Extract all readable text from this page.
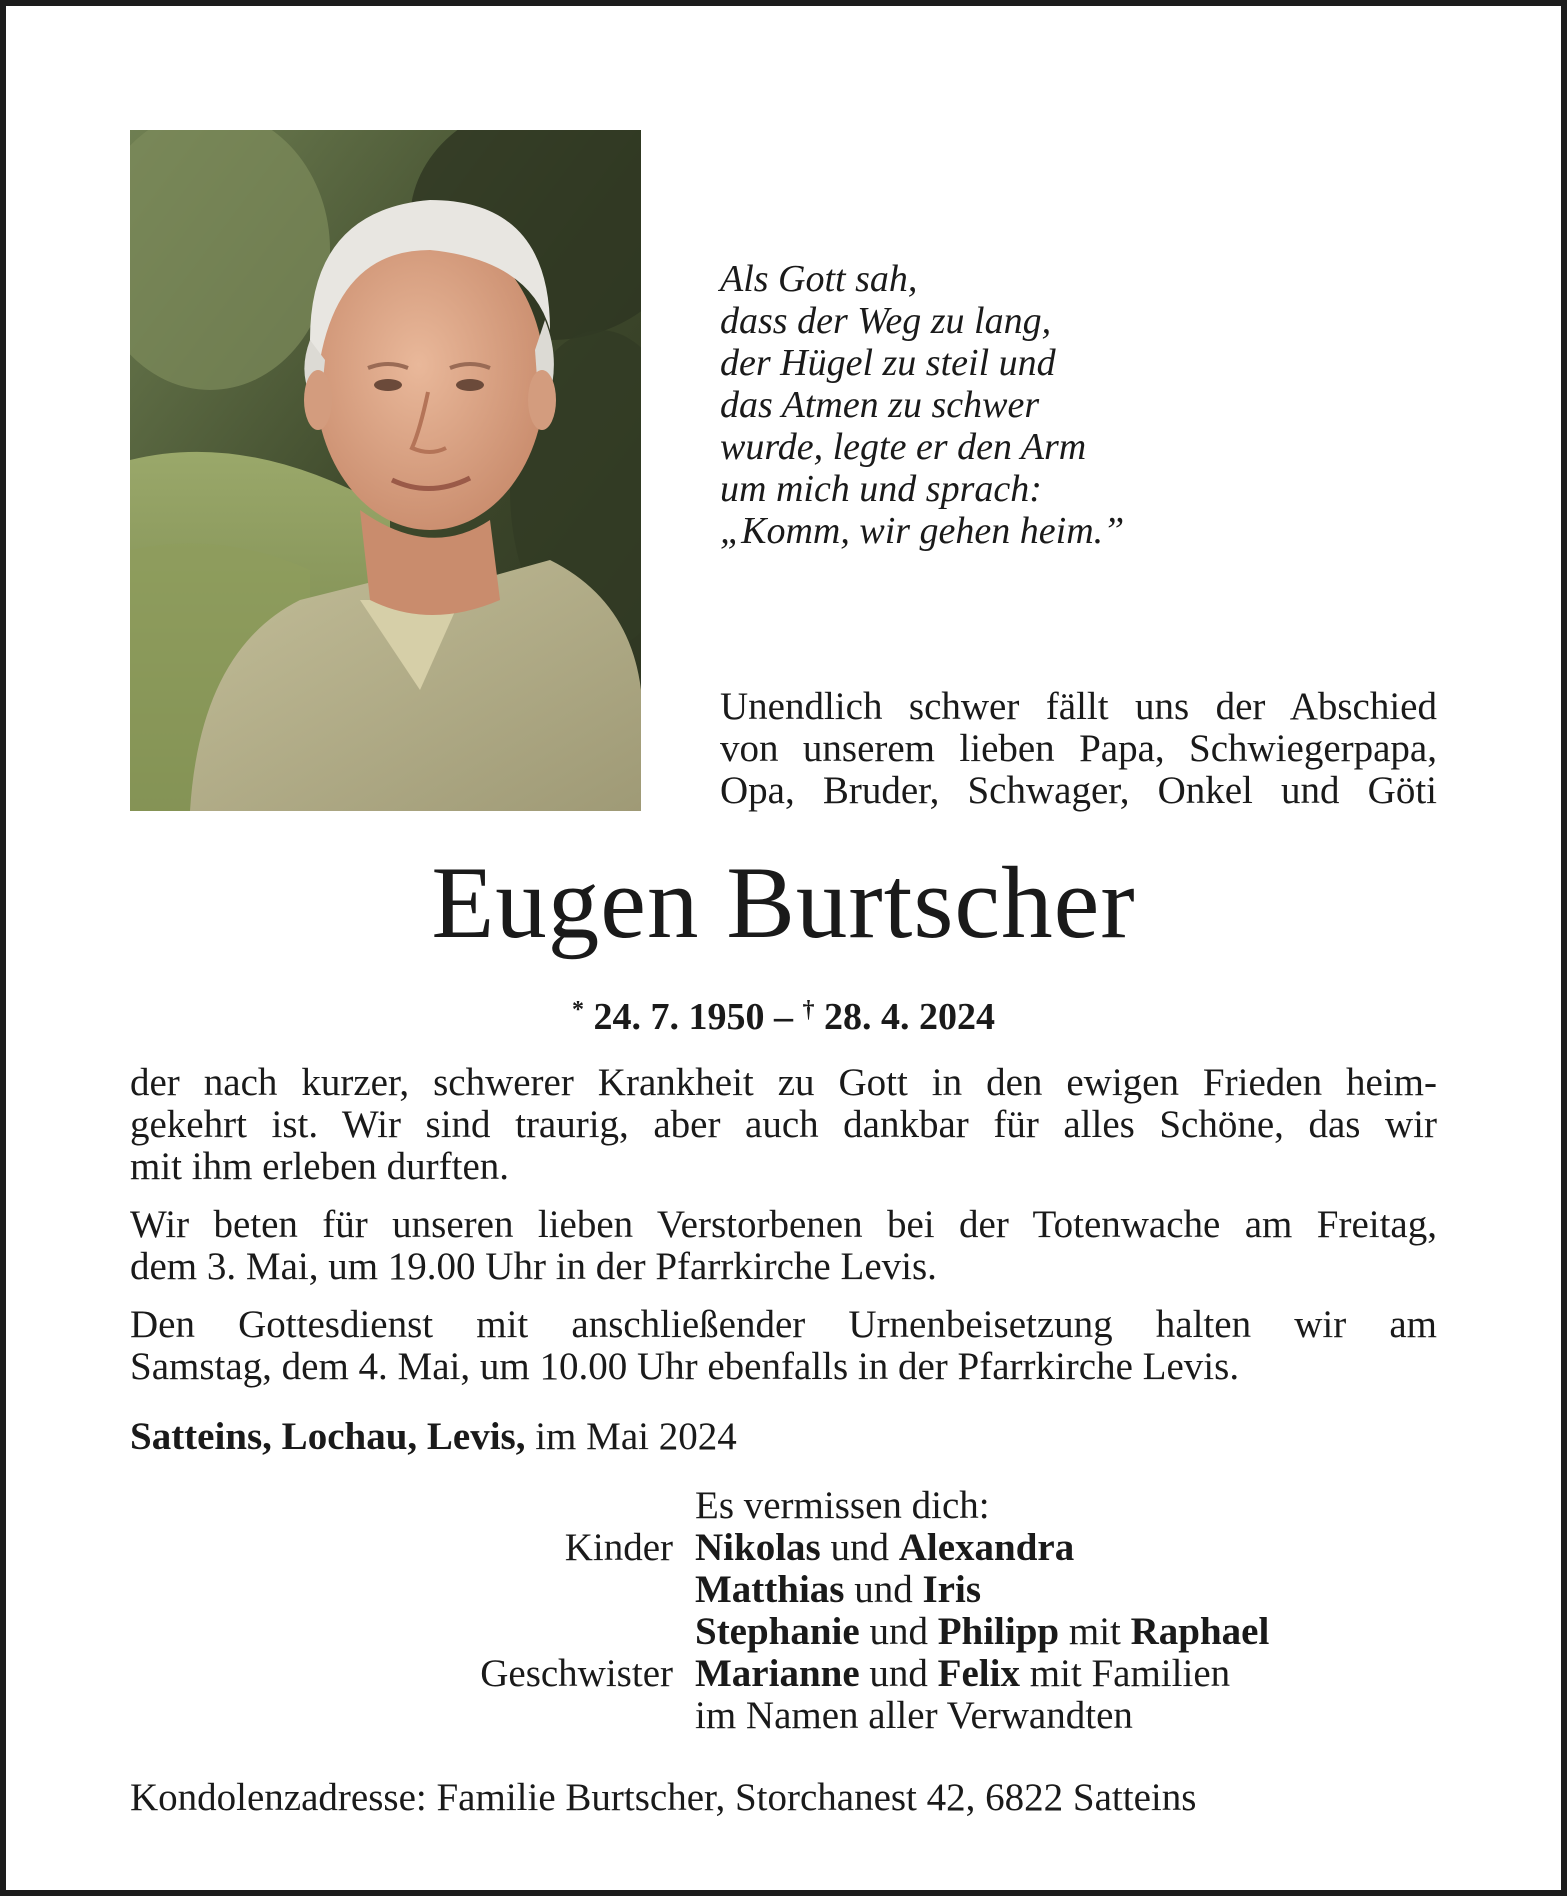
Als Gott sah,
dass der Weg zu lang,
der Hügel zu steil und
das Atmen zu schwer
wurde, legte er den Arm
um mich und sprach:
„Komm, wir gehen heim.”
Unendlich schwer fällt uns der Abschied
von unserem lieben Papa, Schwiegerpapa,
Opa, Bruder, Schwager, Onkel und Göti
Eugen Burtscher
* 24. 7. 1950 – † 28. 4. 2024
der nach kurzer, schwerer Krankheit zu Gott in den ewigen Frieden heim-
gekehrt ist. Wir sind traurig, aber auch dankbar für alles Schöne, das wir
mit ihm erleben durften.
Wir beten für unseren lieben Verstorbenen bei der Totenwache am Freitag,
dem 3. Mai, um 19.00 Uhr in der Pfarrkirche Levis.
Den Gottesdienst mit anschließender Urnenbeisetzung halten wir am
Samstag, dem 4. Mai, um 10.00 Uhr ebenfalls in der Pfarrkirche Levis.
Satteins, Lochau, Levis, im Mai 2024
Es vermissen dich:
Kinder Nikolas und Alexandra
Matthias und Iris
Stephanie und Philipp mit Raphael
Geschwister Marianne und Felix mit Familien
im Namen aller Verwandten
Kondolenzadresse: Familie Burtscher, Storchanest 42, 6822 Satteins
